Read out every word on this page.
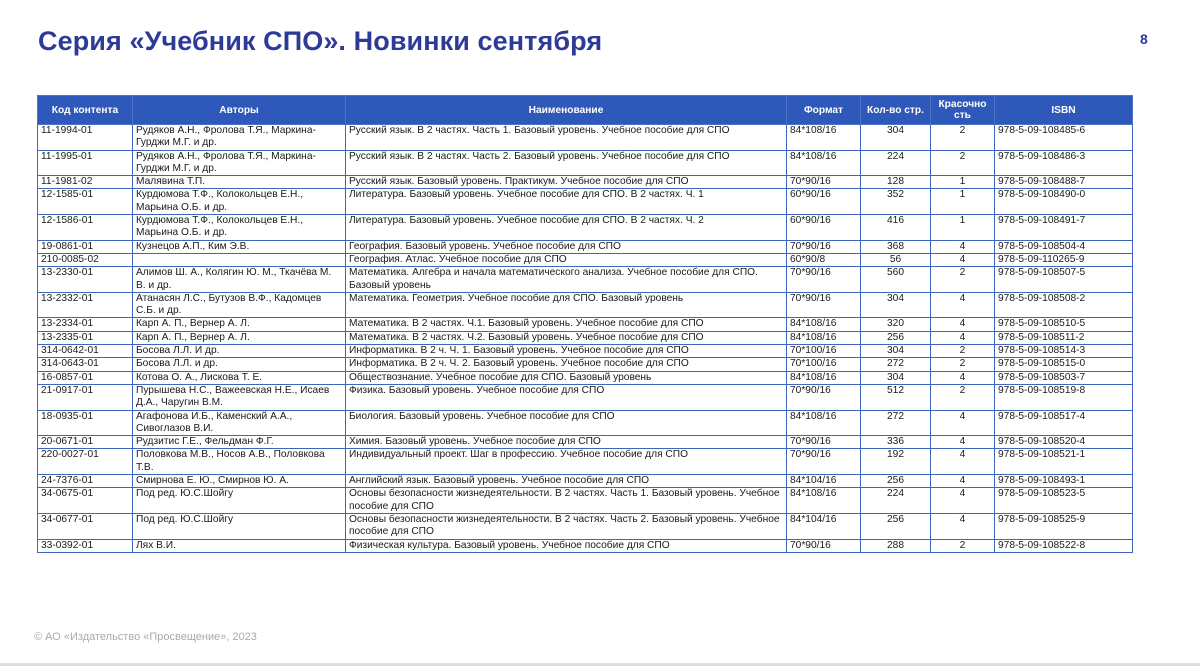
Серия «Учебник СПО». Новинки сентября	8
Код контента	Авторы	Наименование	Формат	Кол-во стр.	Красочно сть	ISBN
11-1994-01	Рудяков А.Н., Фролова Т.Я., Маркина-Гурджи М.Г. и др.	Русский язык. В 2 частях. Часть 1. Базовый уровень. Учебное пособие для СПО	84*108/16	304	2	978-5-09-108485-6
11-1995-01	Рудяков А.Н., Фролова Т.Я., Маркина-Гурджи М.Г. и др.	Русский язык. В 2 частях. Часть 2. Базовый уровень. Учебное пособие для СПО	84*108/16	224	2	978-5-09-108486-3
11-1981-02	Малявина Т.П.	Русский язык. Базовый уровень. Практикум. Учебное пособие для СПО	70*90/16	128	1	978-5-09-108488-7
12-1585-01	Курдюмова Т.Ф., Колокольцев Е.Н., Марьина О.Б. и др.	Литература. Базовый уровень. Учебное пособие для СПО. В 2 частях. Ч. 1	60*90/16	352	1	978-5-09-108490-0
12-1586-01	Курдюмова Т.Ф., Колокольцев Е.Н., Марьина О.Б. и др.	Литература. Базовый уровень. Учебное пособие для СПО. В 2 частях. Ч. 2	60*90/16	416	1	978-5-09-108491-7
19-0861-01	Кузнецов А.П., Ким Э.В.	География. Базовый уровень. Учебное пособие для СПО	70*90/16	368	4	978-5-09-108504-4
210-0085-02		География. Атлас. Учебное пособие для СПО	60*90/8	56	4	978-5-09-110265-9
13-2330-01	Алимов Ш. А., Колягин Ю. М., Ткачёва М. В. и др.	Математика. Алгебра и начала математического анализа. Учебное пособие для СПО. Базовый уровень	70*90/16	560	2	978-5-09-108507-5
13-2332-01	Атанасян Л.С., Бутузов В.Ф., Кадомцев С.Б. и др.	Математика. Геометрия. Учебное пособие для СПО. Базовый уровень	70*90/16	304	4	978-5-09-108508-2
13-2334-01	Карп А. П., Вернер А. Л.	Математика. В 2 частях. Ч.1. Базовый уровень. Учебное пособие для СПО	84*108/16	320	4	978-5-09-108510-5
13-2335-01	Карп А. П., Вернер А. Л.	Математика. В 2 частях. Ч.2. Базовый уровень. Учебное пособие для СПО	84*108/16	256	4	978-5-09-108511-2
314-0642-01	Босова Л.Л. И др.	Информатика. В 2 ч. Ч. 1. Базовый уровень. Учебное пособие для СПО	70*100/16	304	2	978-5-09-108514-3
314-0643-01	Босова Л.Л. и др.	Информатика. В 2 ч. Ч. 2. Базовый уровень. Учебное пособие для СПО	70*100/16	272	2	978-5-09-108515-0
16-0857-01	Котова О. А., Лискова Т. Е.	Обществознание. Учебное пособие для СПО. Базовый уровень	84*108/16	304	4	978-5-09-108503-7
21-0917-01	Пурышева Н.С., Важеевская Н.Е., Исаев Д.А., Чаругин В.М.	Физика. Базовый уровень. Учебное пособие для СПО	70*90/16	512	2	978-5-09-108519-8
18-0935-01	Агафонова И.Б., Каменский А.А., Сивоглазов В.И.	Биология. Базовый уровень. Учебное пособие для СПО	84*108/16	272	4	978-5-09-108517-4
20-0671-01	Рудзитис Г.Е., Фельдман Ф.Г.	Химия. Базовый уровень. Учебное пособие для СПО	70*90/16	336	4	978-5-09-108520-4
220-0027-01	Половкова М.В., Носов А.В., Половкова Т.В.	Индивидуальный проект. Шаг в профессию. Учебное пособие для СПО	70*90/16	192	4	978-5-09-108521-1
24-7376-01	Смирнова Е. Ю., Смирнов Ю. А.	Английский язык. Базовый уровень. Учебное пособие для СПО	84*104/16	256	4	978-5-09-108493-1
34-0675-01	Под ред. Ю.С.Шойгу	Основы безопасности жизнедеятельности. В 2 частях. Часть 1. Базовый уровень. Учебное пособие для СПО	84*108/16	224	4	978-5-09-108523-5
34-0677-01	Под ред. Ю.С.Шойгу	Основы безопасности жизнедеятельности. В 2 частях. Часть 2. Базовый уровень. Учебное пособие для СПО	84*104/16	256	4	978-5-09-108525-9
33-0392-01	Лях В.И.	Физическая культура. Базовый уровень. Учебное пособие для СПО	70*90/16	288	2	978-5-09-108522-8
© АО «Издательство «Просвещение», 2023
